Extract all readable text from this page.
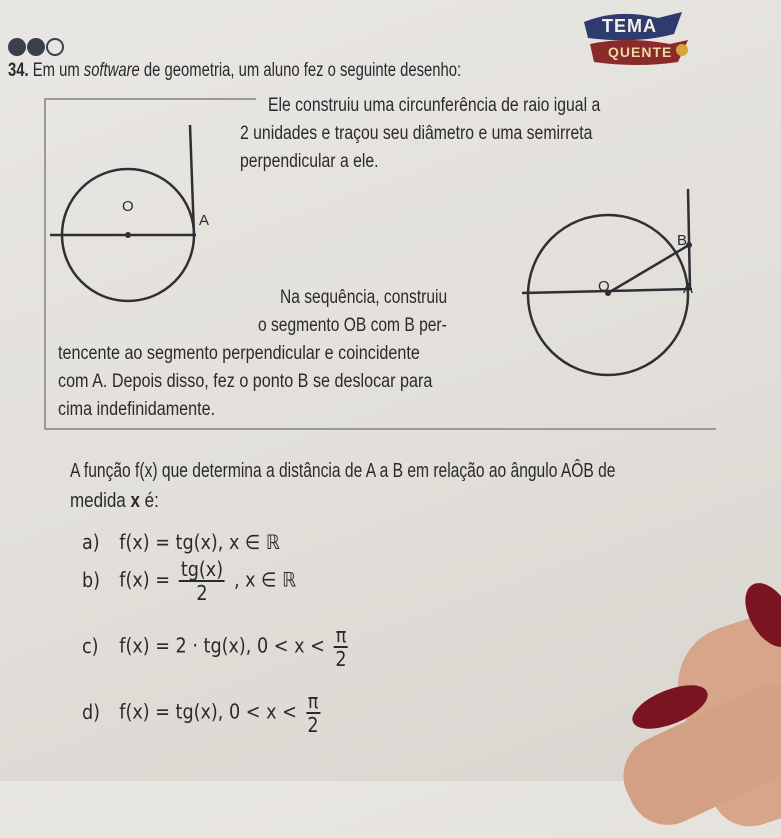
TEMA
QUENTE
34. Em um software de geometria, um aluno fez o seguinte desenho:
O
A
Ele construiu uma circunferência de raio igual a
2 unidades e traçou seu diâmetro e uma semirreta
perpendicular a ele.
B
O	A
Na sequência, construiu
o segmento OB com B per-
tencente ao segmento perpendicular e coincidente
com A. Depois disso, fez o ponto B se deslocar para
cima indefinidamente.
A função f(x) que determina a distância de A a B em relação ao ângulo AÔB de
medida x é:
a) f(x) = tg(x), x ∈ ℝ
b) $f(x) = \frac{tg(x)}{2}$ , x ∈ ℝ
c) f(x) = 2 · tg(x), $0 < x < \frac{\pi}{2}$
d) f(x) = tg(x), $0 < x < \frac{\pi}{2}$
